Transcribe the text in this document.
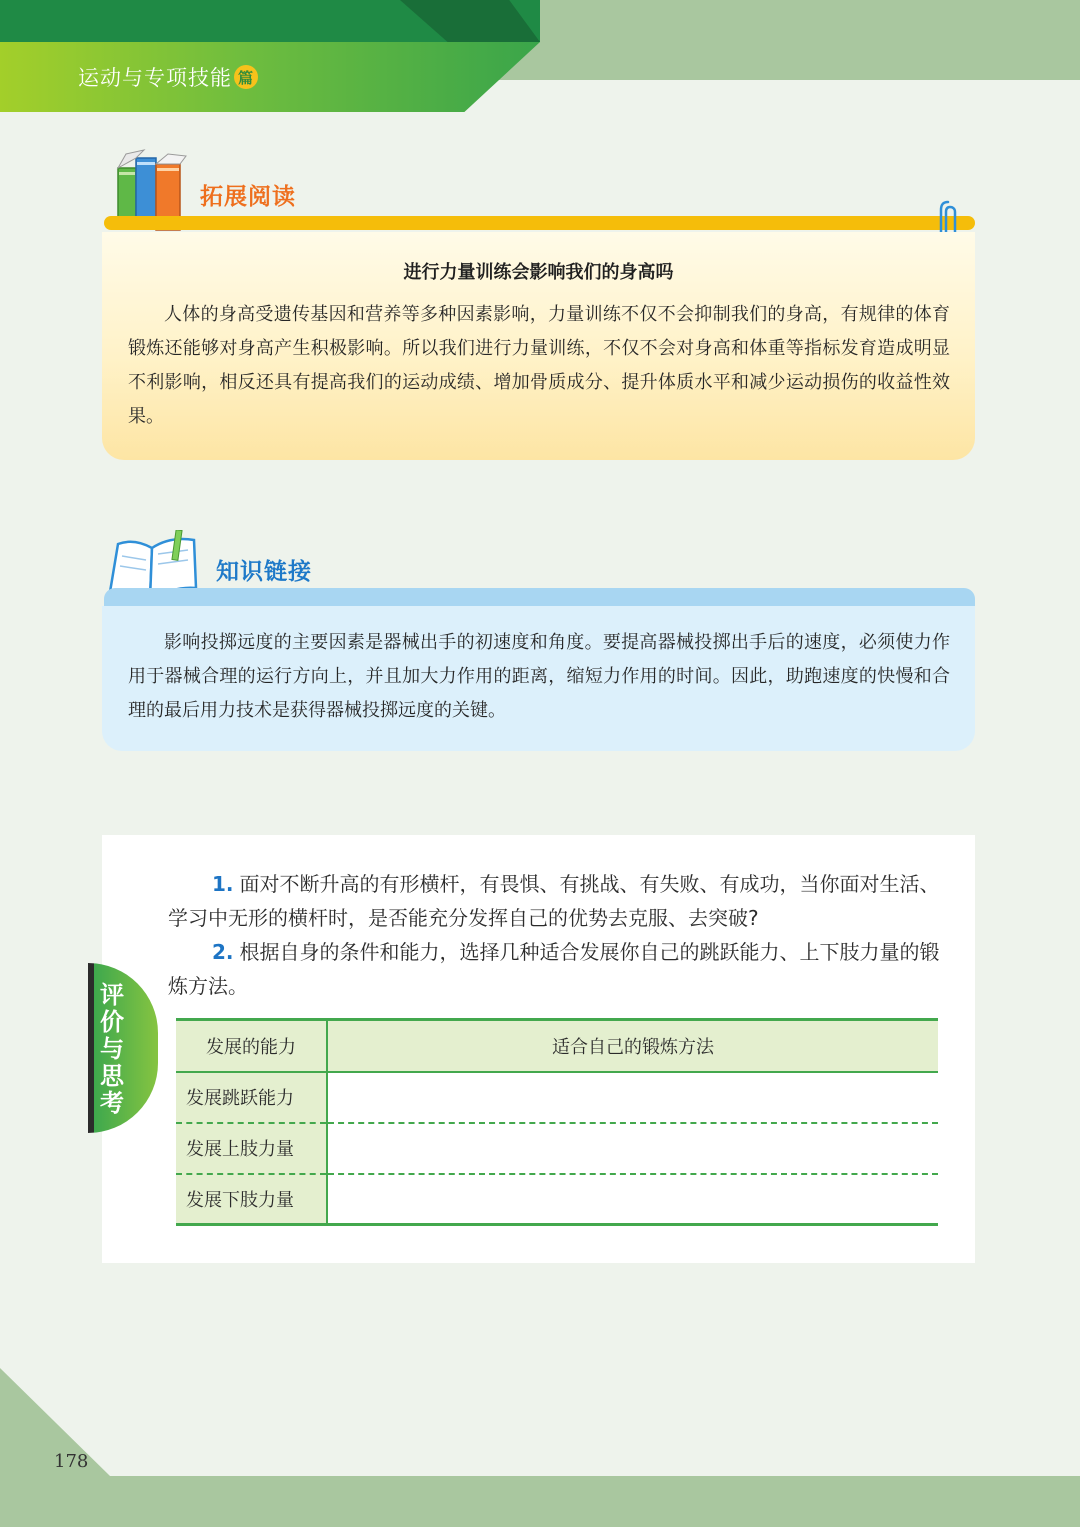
运动与专项技能 篇
拓展阅读
进行力量训练会影响我们的身高吗

人体的身高受遗传基因和营养等多种因素影响，力量训练不仅不会抑制我们的身高，有规律的体育锻炼还能够对身高产生积极影响。所以我们进行力量训练，不仅不会对身高和体重等指标发育造成明显不利影响，相反还具有提高我们的运动成绩、增加骨质成分、提升体质水平和减少运动损伤的收益性效果。

知识链接

影响投掷远度的主要因素是器械出手的初速度和角度。要提高器械投掷出手后的速度，必须使力作用于器械合理的运行方向上，并且加大力作用的距离，缩短力作用的时间。因此，助跑速度的快慢和合理的最后用力技术是获得器械投掷远度的关键。

评价与思考

1. 面对不断升高的有形横杆，有畏惧、有挑战、有失败、有成功，当你面对生活、学习中无形的横杆时，是否能充分发挥自己的优势去克服、去突破?

2. 根据自身的条件和能力，选择几种适合发展你自己的跳跃能力、上下肢力量的锻炼方法。

发展的能力	适合自己的锻炼方法
发展跳跃能力	
发展上肢力量	
发展下肢力量	
178
